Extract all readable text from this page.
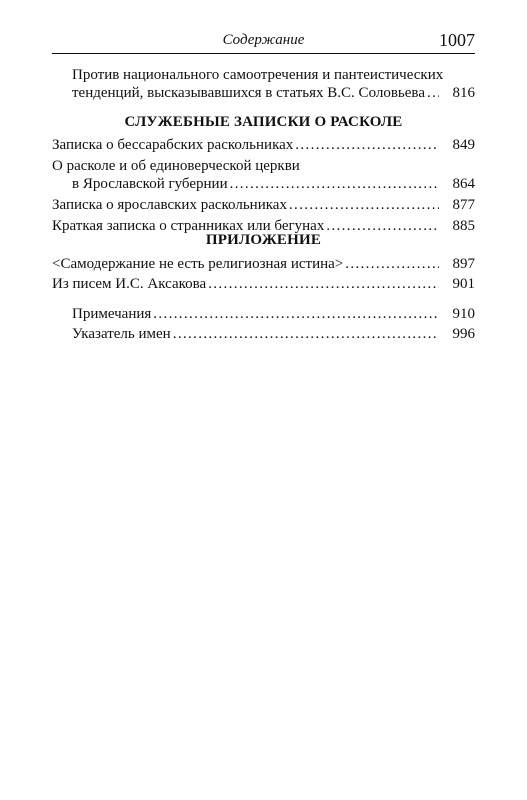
Содержание	1007
Против национального самоотречения и пантеистических
тенденций, высказывавшихся в статьях В.С. Соловьева . . .	816
СЛУЖЕБНЫЕ ЗАПИСКИ О РАСКОЛЕ
Записка о бессарабских раскольниках . . .	849
О расколе и об единоверческой церкви
в Ярославской губернии . . .	864
Записка о ярославских раскольниках . . .	877
Краткая записка о странниках или бегунах . . .	885
ПРИЛОЖЕНИЕ
<Самодержание не есть религиозная истина> . . .	897
Из писем И.С. Аксакова . . .	901
Примечания . . .	910
Указатель имен . . .	996
